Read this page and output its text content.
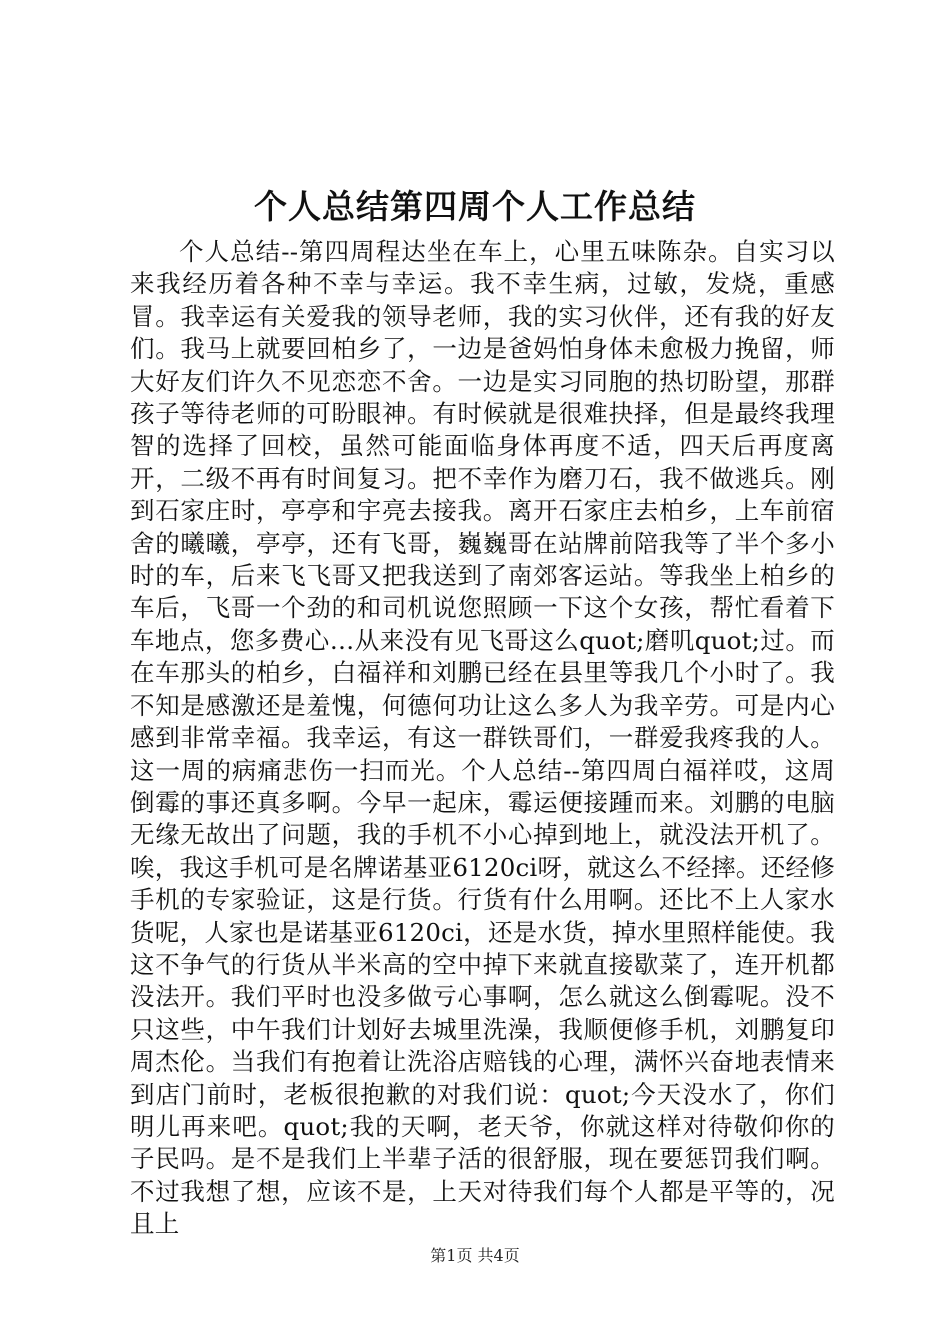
个人总结第四周个人工作总结

个人总结--第四周程达坐在车上，心里五味陈杂。自实习以来我经历着各种不幸与幸运。我不幸生病，过敏，发烧，重感冒。我幸运有关爱我的领导老师，我的实习伙伴，还有我的好友们。我马上就要回柏乡了，一边是爸妈怕身体未愈极力挽留，师大好友们许久不见恋恋不舍。一边是实习同胞的热切盼望，那群孩子等待老师的可盼眼神。有时候就是很难抉择，但是最终我理智的选择了回校，虽然可能面临身体再度不适，四天后再度离开，二级不再有时间复习。把不幸作为磨刀石，我不做逃兵。刚到石家庄时，亭亭和宇亮去接我。离开石家庄去柏乡，上车前宿舍的曦曦，亭亭，还有飞哥，巍巍哥在站牌前陪我等了半个多小时的车，后来飞飞哥又把我送到了南郊客运站。等我坐上柏乡的车后，飞哥一个劲的和司机说您照顾一下这个女孩，帮忙看着下车地点，您多费心…从来没有见飞哥这么quot;磨叽quot;过。而在车那头的柏乡，白福祥和刘鹏已经在县里等我几个小时了。我不知是感激还是羞愧，何德何功让这么多人为我辛劳。可是内心感到非常幸福。我幸运，有这一群铁哥们，一群爱我疼我的人。这一周的病痛悲伤一扫而光。个人总结--第四周白福祥哎，这周倒霉的事还真多啊。今早一起床，霉运便接踵而来。刘鹏的电脑无缘无故出了问题，我的手机不小心掉到地上，就没法开机了。唉，我这手机可是名牌诺基亚6120ci呀，就这么不经摔。还经修手机的专家验证，这是行货。行货有什么用啊。还比不上人家水货呢，人家也是诺基亚6120ci，还是水货，掉水里照样能使。我这不争气的行货从半米高的空中掉下来就直接歇菜了，连开机都没法开。我们平时也没多做亏心事啊，怎么就这么倒霉呢。没不只这些，中午我们计划好去城里洗澡，我顺便修手机，刘鹏复印周杰伦。当我们有抱着让洗浴店赔钱的心理，满怀兴奋地表情来到店门前时，老板很抱歉的对我们说：quot;今天没水了，你们明儿再来吧。quot;我的天啊，老天爷，你就这样对待敬仰你的子民吗。是不是我们上半辈子活的很舒服，现在要惩罚我们啊。不过我想了想，应该不是，上天对待我们每个人都是平等的，况且上

第1页 共4页
